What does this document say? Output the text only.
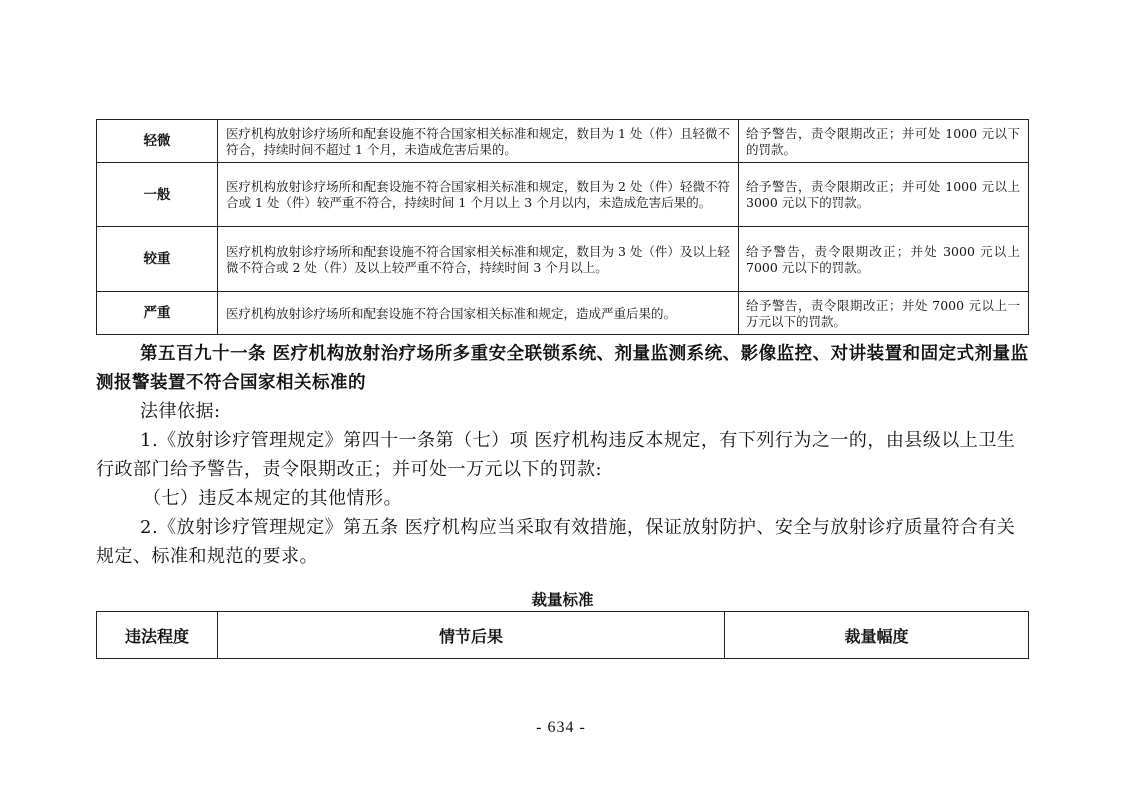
轻微	医疗机构放射诊疗场所和配套设施不符合国家相关标准和规定，数目为 1 处（件）且轻微不符合，持续时间不超过 1 个月，未造成危害后果的。	给予警告，责令限期改正；并可处 1000 元以下的罚款。
一般	医疗机构放射诊疗场所和配套设施不符合国家相关标准和规定，数目为 2 处（件）轻微不符合或 1 处（件）较严重不符合，持续时间 1 个月以上 3 个月以内，未造成危害后果的。	给予警告，责令限期改正；并可处 1000 元以上 3000 元以下的罚款。
较重	医疗机构放射诊疗场所和配套设施不符合国家相关标准和规定，数目为 3 处（件）及以上轻微不符合或 2 处（件）及以上较严重不符合，持续时间 3 个月以上。	给予警告，责令限期改正；并处 3000 元以上 7000 元以下的罚款。
严重	医疗机构放射诊疗场所和配套设施不符合国家相关标准和规定，造成严重后果的。	给予警告，责令限期改正；并处 7000 元以上一万元以下的罚款。
第五百九十一条 医疗机构放射治疗场所多重安全联锁系统、剂量监测系统、影像监控、对讲装置和固定式剂量监测报警装置不符合国家相关标准的
法律依据:
1.《放射诊疗管理规定》第四十一条第（七）项 医疗机构违反本规定，有下列行为之一的，由县级以上卫生行政部门给予警告，责令限期改正；并可处一万元以下的罚款:
（七）违反本规定的其他情形。
2.《放射诊疗管理规定》第五条 医疗机构应当采取有效措施，保证放射防护、安全与放射诊疗质量符合有关规定、标准和规范的要求。
裁量标准
违法程度	情节后果	裁量幅度
- 634 -
